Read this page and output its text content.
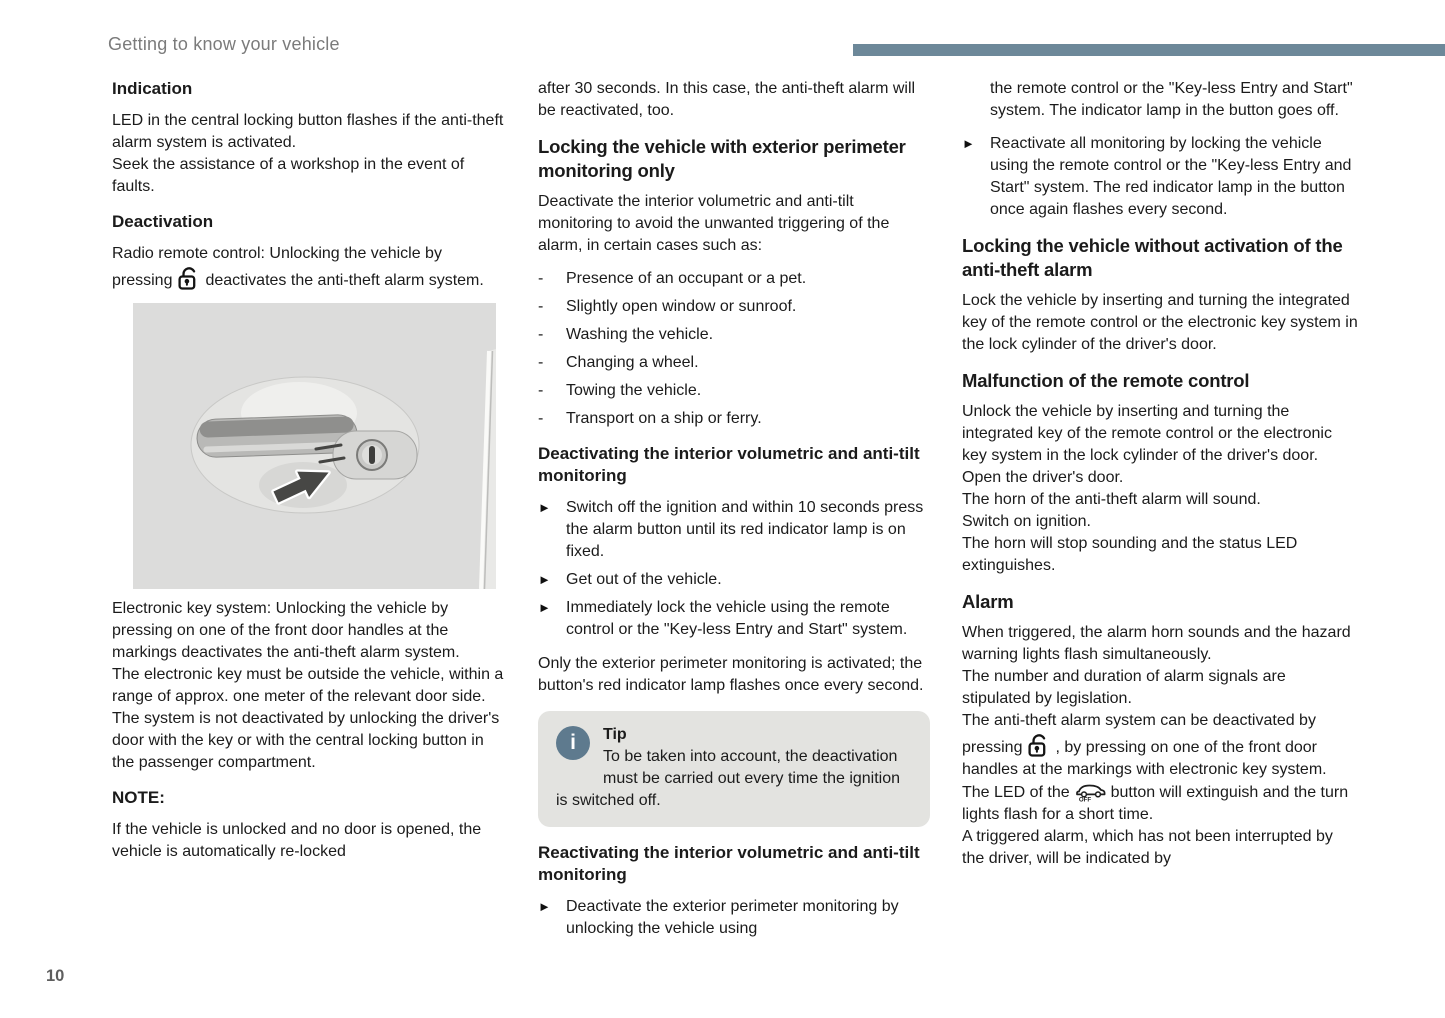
Getting to know your vehicle
Indication
LED in the central locking button flashes if the anti-theft alarm system is activated.
Seek the assistance of a workshop in the event of faults.
Deactivation
Radio remote control: Unlocking the vehicle by pressing deactivates the anti-theft alarm system.
Electronic key system: Unlocking the vehicle by pressing on one of the front door handles at the markings deactivates the anti-theft alarm system.
The electronic key must be outside the vehicle, within a range of approx. one meter of the relevant door side.
The system is not deactivated by unlocking the driver's door with the key or with the central locking button in the passenger compartment.
NOTE:
If the vehicle is unlocked and no door is opened, the vehicle is automatically re-locked
after 30 seconds. In this case, the anti-theft alarm will be reactivated, too.
Locking the vehicle with exterior perimeter monitoring only
Deactivate the interior volumetric and anti-tilt monitoring to avoid the unwanted triggering of the alarm, in certain cases such as:
-	Presence of an occupant or a pet.
-	Slightly open window or sunroof.
-	Washing the vehicle.
-	Changing a wheel.
-	Towing the vehicle.
-	Transport on a ship or ferry.
Deactivating the interior volumetric and anti-tilt monitoring
► Switch off the ignition and within 10 seconds press the alarm button until its red indicator lamp is on fixed.
► Get out of the vehicle.
► Immediately lock the vehicle using the remote control or the "Key-less Entry and Start" system.
Only the exterior perimeter monitoring is activated; the button's red indicator lamp flashes once every second.
i	Tip
To be taken into account, the deactivation must be carried out every time the ignition is switched off.
Reactivating the interior volumetric and anti-tilt monitoring
► Deactivate the exterior perimeter monitoring by unlocking the vehicle using
the remote control or the "Key-less Entry and Start" system. The indicator lamp in the button goes off.
► Reactivate all monitoring by locking the vehicle using the remote control or the "Key-less Entry and Start" system. The red indicator lamp in the button once again flashes every second.
Locking the vehicle without activation of the anti-theft alarm
Lock the vehicle by inserting and turning the integrated key of the remote control or the electronic key system in the lock cylinder of the driver's door.
Malfunction of the remote control
Unlock the vehicle by inserting and turning the integrated key of the remote control or the electronic key system in the lock cylinder of the driver's door.
Open the driver's door.
The horn of the anti-theft alarm will sound.
Switch on ignition.
The horn will stop sounding and the status LED extinguishes.
Alarm
When triggered, the alarm horn sounds and the hazard warning lights flash simultaneously.
The number and duration of alarm signals are stipulated by legislation.
The anti-theft alarm system can be deactivated by pressing , by pressing on one of the front door handles at the markings with electronic key system. The LED of the OFF button will extinguish and the turn lights flash for a short time.
A triggered alarm, which has not been interrupted by the driver, will be indicated by
10
